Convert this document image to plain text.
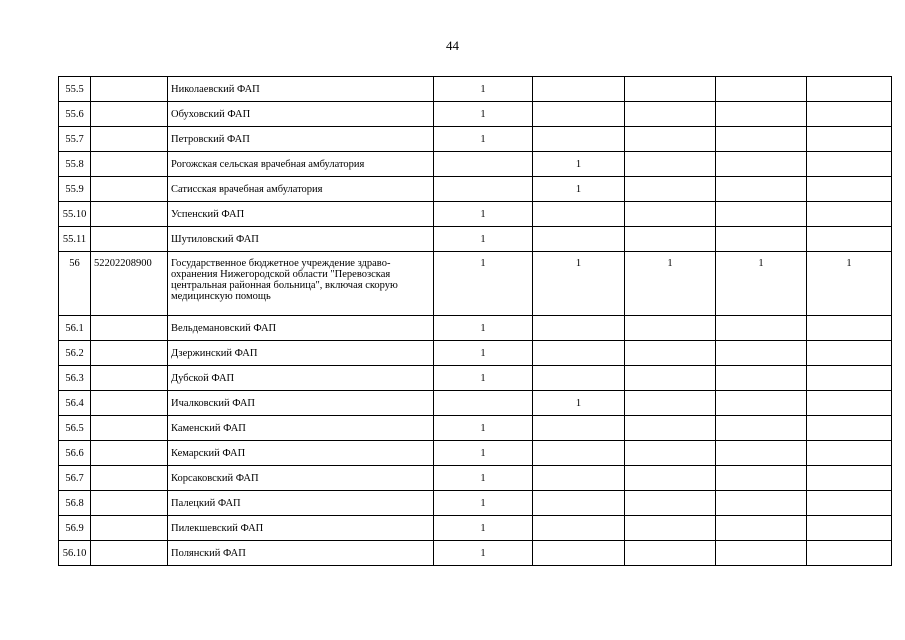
44
55.5		Николаевский ФАП	1				
55.6		Обуховский ФАП	1				
55.7		Петровский ФАП	1				
55.8		Рогожская сельская врачебная амбулатория		1			
55.9		Сатисская врачебная амбулатория		1			
55.10		Успенский ФАП	1				
55.11		Шутиловский ФАП	1				
56	52202208900	Государственное бюджетное учреждение здраво-охранения Нижегородской области "Перевозская центральная районная больница", включая скорую медицинскую помощь	1	1	1	1	1
56.1		Вельдемановский ФАП	1				
56.2		Дзержинский ФАП	1				
56.3		Дубской ФАП	1				
56.4		Ичалковский ФАП		1			
56.5		Каменский ФАП	1				
56.6		Кемарский ФАП	1				
56.7		Корсаковский ФАП	1				
56.8		Палецкий ФАП	1				
56.9		Пилекшевский ФАП	1				
56.10		Полянский ФАП	1				
